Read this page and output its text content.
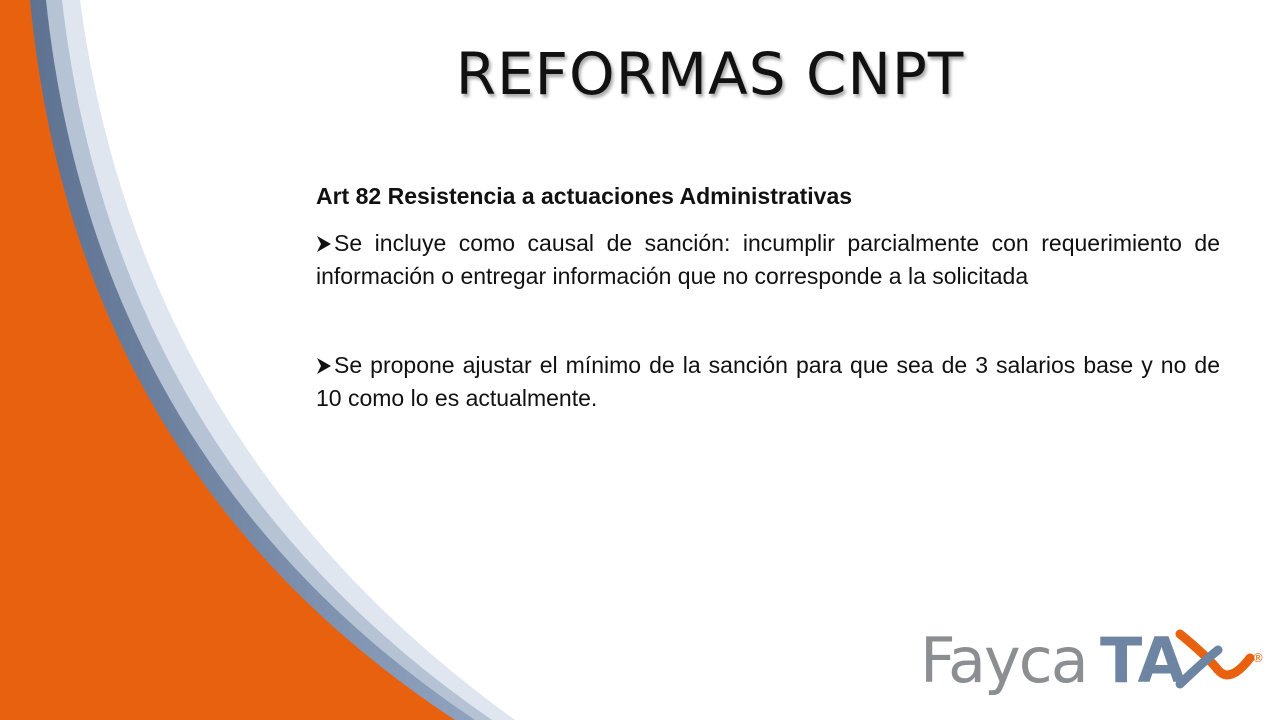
REFORMAS CNPT

Art 82 Resistencia a actuaciones Administrativas

Se incluye como causal de sanción: incumplir parcialmente con requerimiento de información o entregar información que no corresponde a la solicitada

Se propone ajustar el mínimo de la sanción para que sea de 3 salarios base y no de 10 como lo es actualmente.

Fayca TA	®
